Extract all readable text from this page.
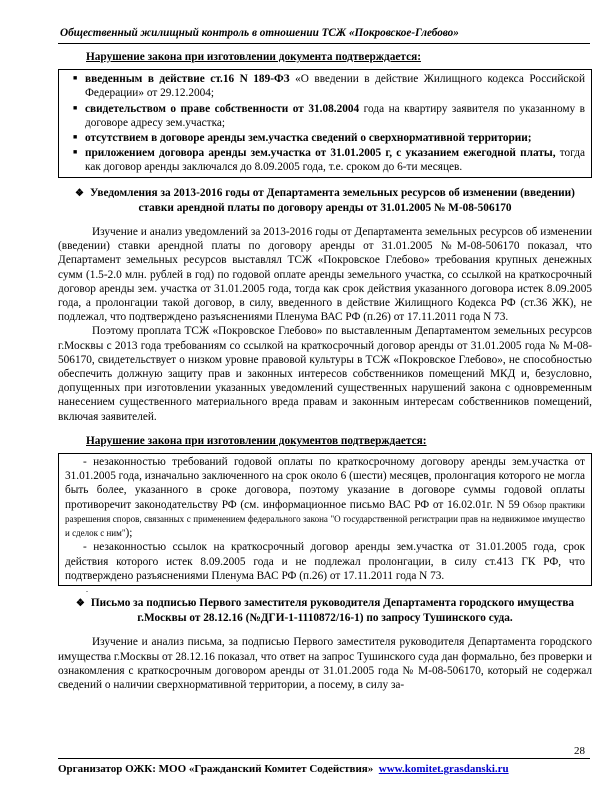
Общественный жилищный контроль в отношении ТСЖ «Покровское-Глебово»
Нарушение закона при изготовлении документа подтверждается:
■ введенным в действие ст.16 N 189-ФЗ «О введении в действие Жилищного кодекса Российской Федерации» от 29.12.2004;
■ свидетельством о праве собственности от 31.08.2004 года на квартиру заявителя по указанному в договоре адресу зем.участка;
■ отсутствием в договоре аренды зем.участка сведений о сверхнормативной территории;
■ приложением договора аренды зем.участка от 31.01.2005 г, с указанием ежегодной платы, тогда как договор аренды заключался до 8.09.2005 года, т.е. сроком до 6-ти месяцев.
❖ Уведомления за 2013-2016 годы от Департамента земельных ресурсов об изменении (введении) ставки арендной платы по договору аренды от 31.01.2005 № М-08-506170

Изучение и анализ уведомлений за 2013-2016 годы от Департамента земельных ресурсов об изменении (введении) ставки арендной платы по договору аренды от 31.01.2005 №М-08-506170 показал, что Департамент земельных ресурсов выставлял ТСЖ «Покровское Глебово» требования крупных денежных сумм (1.5-2.0 млн. рублей в год) по годовой оплате аренды земельного участка, со ссылкой на краткосрочный договор аренды зем. участка от 31.01.2005 года, тогда как срок действия указанного договора истек 8.09.2005 года, а пролонгации такой договор, в силу, введенного в действие Жилищного Кодекса РФ (ст.36 ЖК), не подлежал, что подтверждено разъяснениями Пленума ВАС РФ (п.26) от 17.11.2011 года N 73.

Поэтому проплата ТСЖ «Покровское Глебово» по выставленным Департаментом земельных ресурсов г.Москвы с 2013 года требованиям со ссылкой на краткосрочный договор аренды от 31.01.2005 года № М-08-506170, свидетельствует о низком уровне правовой культуры в ТСЖ «Покровское Глебово», не способностью обеспечить должную защиту прав и законных интересов собственников помещений МКД и, безусловно, допущенных при изготовлении указанных уведомлений существенных нарушений закона с одновременным нанесением существенного материального вреда правам и законным интересам собственников помещений, включая заявителей.

Нарушение закона при изготовлении документов подтверждается:

- незаконностью требований годовой оплаты по краткосрочному договору аренды зем.участка от 31.01.2005 года, изначально заключенного на срок около 6 (шести) месяцев, пролонгация которого не могла быть более, указанного в сроке договора, поэтому указание в договоре суммы годовой оплаты противоречит законодательству РФ (см. информационное письмо ВАС РФ от 16.02.01г. N 59 Обзор практики разрешения споров, связанных с применением федерального закона "О государственной регистрации прав на недвижимое имущество и сделок с ним");

- незаконностью ссылок на краткосрочный договор аренды зем.участка от 31.01.2005 года, срок действия которого истек 8.09.2005 года и не подлежал пролонгации, в силу ст.413 ГК РФ, что подтверждено разъяснениями Пленума ВАС РФ (п.26) от 17.11.2011 года N 73.

.
❖ Письмо за подписью Первого заместителя руководителя Департамента городского имущества г.Москвы от 28.12.16 (№ДГИ-1-1110872/16-1) по запросу Тушинского суда.

Изучение и анализ письма, за подписью Первого заместителя руководителя Департамента городского имущества г.Москвы от 28.12.16 показал, что ответ на запрос Тушинского суда дан формально, без проверки и ознакомления с краткосрочным договором аренды от 31.01.2005 года № М-08-506170, который не содержал сведений о наличии сверхнормативной территории, а посему, в силу за-

28
Организатор ОЖК: МОО «Гражданский Комитет Содействия» www.komitet.grasdanski.ru
